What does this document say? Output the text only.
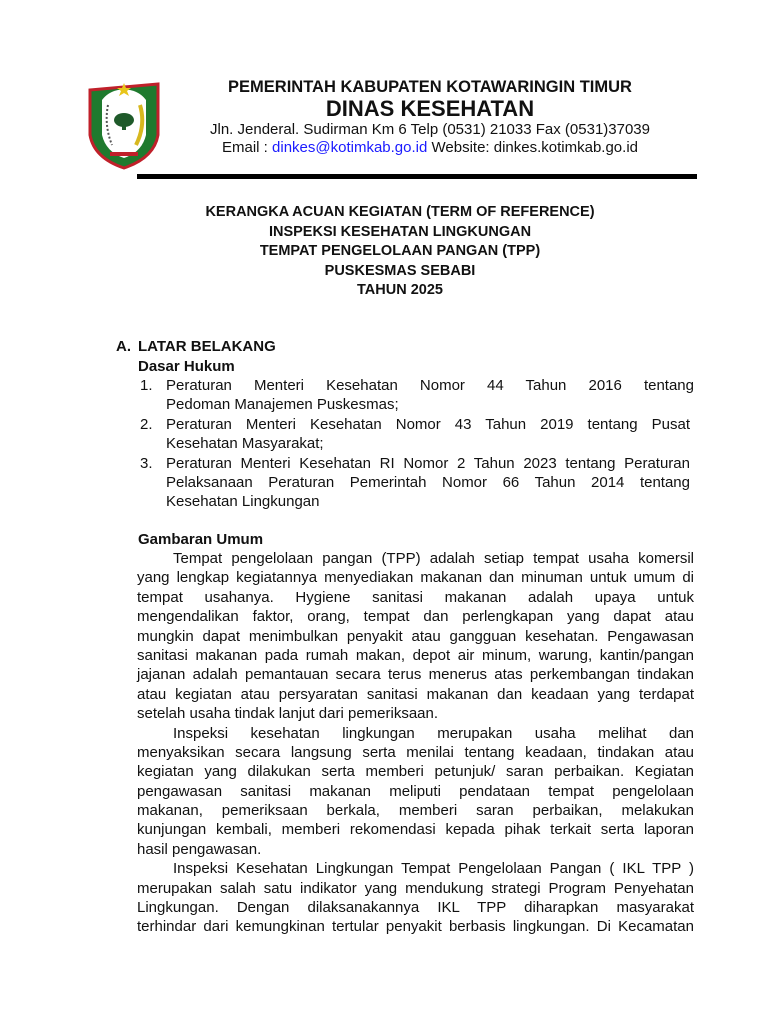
PEMERINTAH KABUPATEN KOTAWARINGIN TIMUR
DINAS KESEHATAN
Jln. Jenderal. Sudirman Km 6 Telp (0531) 21033 Fax (0531)37039
Email : dinkes@kotimkab.go.id Website: dinkes.kotimkab.go.id
KERANGKA ACUAN KEGIATAN (TERM OF REFERENCE)
INSPEKSI KESEHATAN LINGKUNGAN
TEMPAT PENGELOLAAN PANGAN (TPP)
PUSKESMAS SEBABI
TAHUN 2025
A. LATAR BELAKANG
Dasar Hukum
1. Peraturan Menteri Kesehatan Nomor 44 Tahun 2016 tentang
Pedoman Manajemen Puskesmas;
2. Peraturan Menteri Kesehatan Nomor 43 Tahun 2019 tentang Pusat
Kesehatan Masyarakat;
3. Peraturan Menteri Kesehatan RI Nomor 2 Tahun 2023 tentang Peraturan
Pelaksanaan Peraturan Pemerintah Nomor 66 Tahun 2014 tentang
Kesehatan Lingkungan
Gambaran Umum
Tempat pengelolaan pangan (TPP) adalah setiap tempat usaha komersil
yang lengkap kegiatannya menyediakan makanan dan minuman untuk umum di
tempat usahanya. Hygiene sanitasi makanan adalah upaya untuk
mengendalikan faktor, orang, tempat dan perlengkapan yang dapat atau
mungkin dapat menimbulkan penyakit atau gangguan kesehatan. Pengawasan
sanitasi makanan pada rumah makan, depot air minum, warung, kantin/pangan
jajanan adalah pemantauan secara terus menerus atas perkembangan tindakan
atau kegiatan atau persyaratan sanitasi makanan dan keadaan yang terdapat
setelah usaha tindak lanjut dari pemeriksaan.
Inspeksi kesehatan lingkungan merupakan usaha melihat dan
menyaksikan secara langsung serta menilai tentang keadaan, tindakan atau
kegiatan yang dilakukan serta memberi petunjuk/ saran perbaikan. Kegiatan
pengawasan sanitasi makanan meliputi pendataan tempat pengelolaan
makanan, pemeriksaan berkala, memberi saran perbaikan, melakukan
kunjungan kembali, memberi rekomendasi kepada pihak terkait serta laporan
hasil pengawasan.
Inspeksi Kesehatan Lingkungan Tempat Pengelolaan Pangan ( IKL TPP )
merupakan salah satu indikator yang mendukung strategi Program Penyehatan
Lingkungan. Dengan dilaksanakannya IKL TPP diharapkan masyarakat
terhindar dari kemungkinan tertular penyakit berbasis lingkungan. Di Kecamatan
